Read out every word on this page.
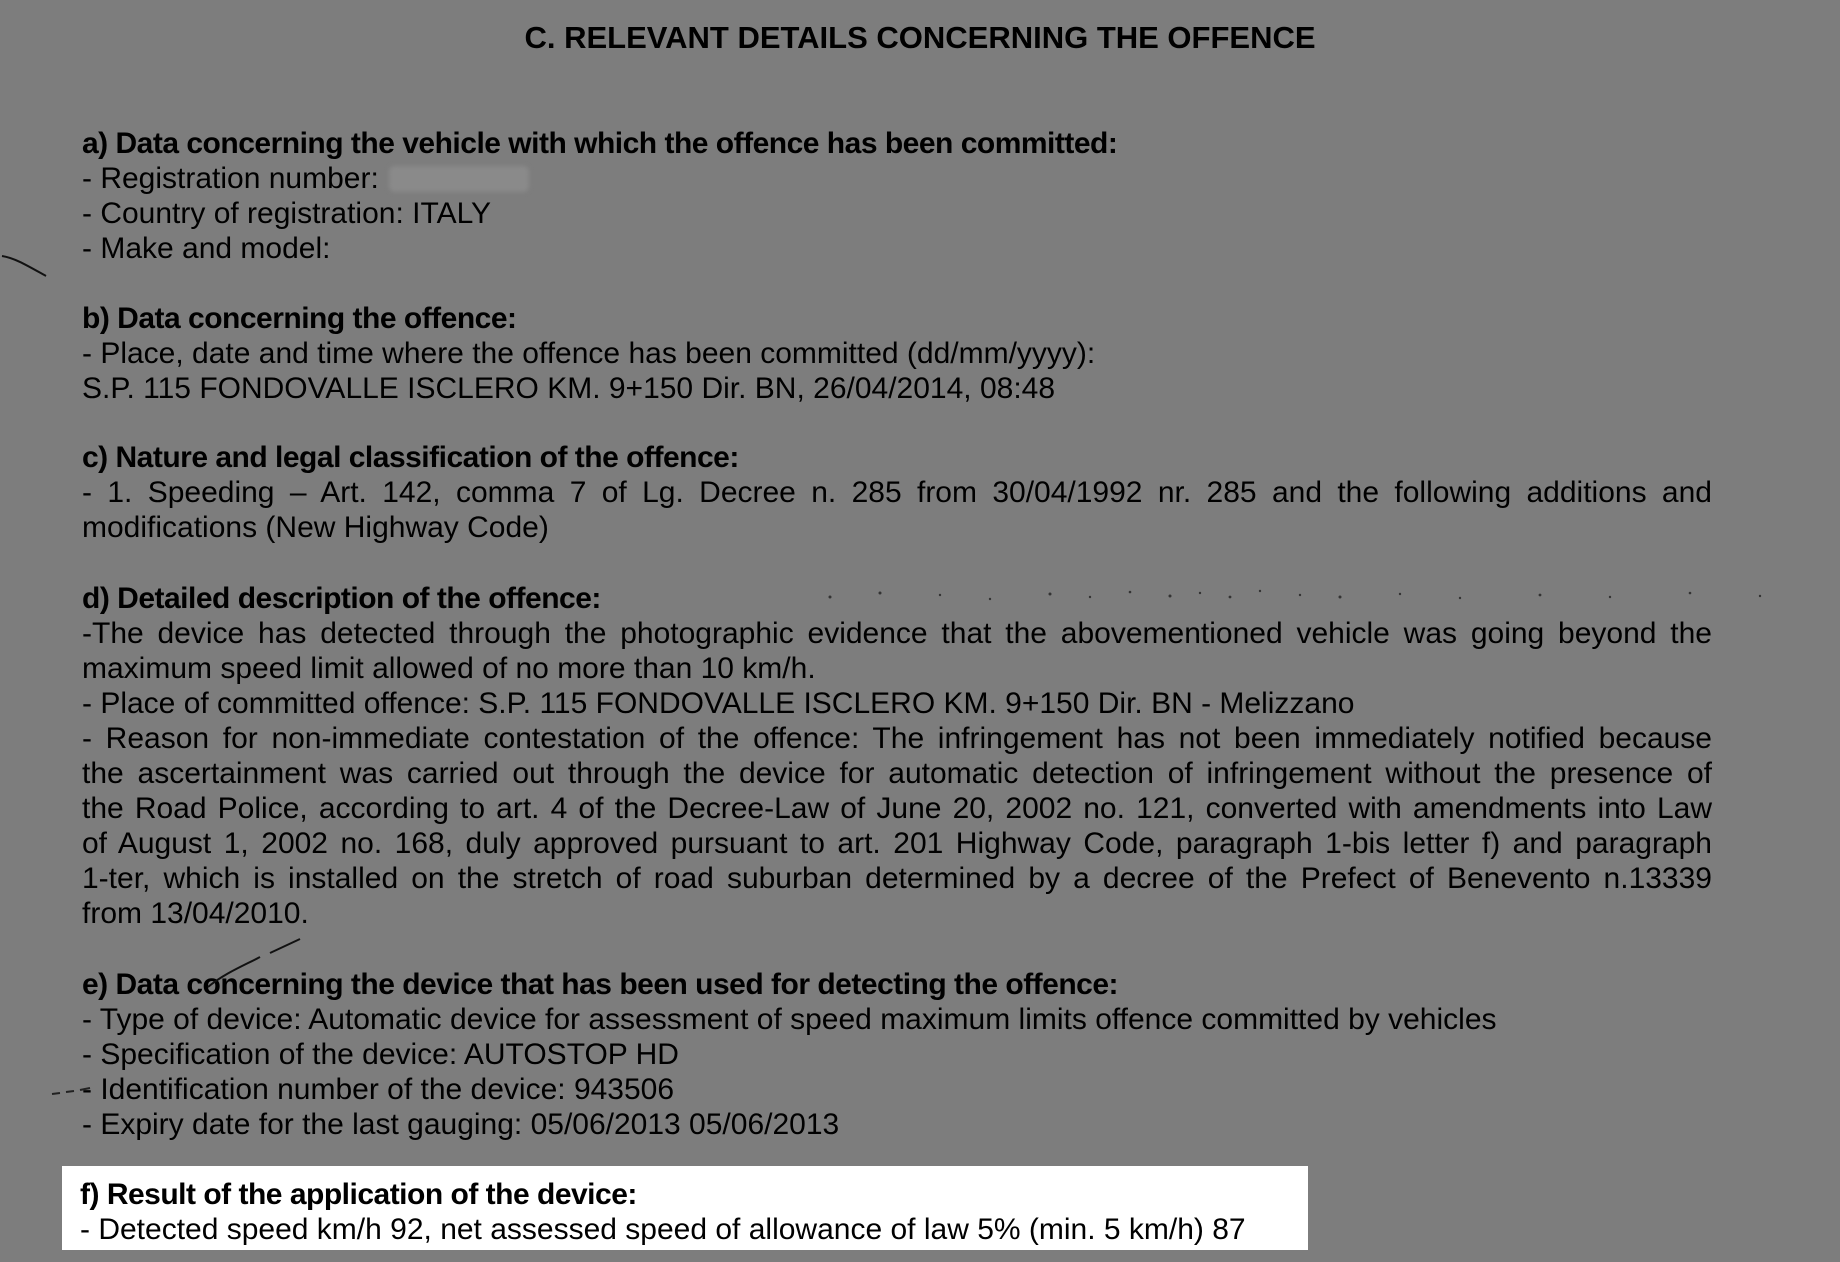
C. RELEVANT DETAILS CONCERNING THE OFFENCE
a) Data concerning the vehicle with which the offence has been committed:
- Registration number:
- Country of registration: ITALY
- Make and model:
b) Data concerning the offence:
- Place, date and time where the offence has been committed (dd/mm/yyyy):
S.P. 115 FONDOVALLE ISCLERO KM. 9+150 Dir. BN, 26/04/2014, 08:48
c) Nature and legal classification of the offence:
- 1. Speeding – Art. 142, comma 7 of Lg. Decree n. 285 from 30/04/1992 nr. 285 and the following additions and
modifications (New Highway Code)
d) Detailed description of the offence:
-The device has detected through the photographic evidence that the abovementioned vehicle was going beyond the
maximum speed limit allowed of no more than 10 km/h.
- Place of committed offence: S.P. 115 FONDOVALLE ISCLERO KM. 9+150 Dir. BN - Melizzano
- Reason for non-immediate contestation of the offence: The infringement has not been immediately notified because
the ascertainment was carried out through the device for automatic detection of infringement without the presence of
the Road Police, according to art. 4 of the Decree-Law of June 20, 2002 no. 121, converted with amendments into Law
of August 1, 2002 no. 168, duly approved pursuant to art. 201 Highway Code, paragraph 1-bis letter f) and paragraph
1-ter, which is installed on the stretch of road suburban determined by a decree of the Prefect of Benevento n.13339
from 13/04/2010.
e) Data concerning the device that has been used for detecting the offence:
- Type of device: Automatic device for assessment of speed maximum limits offence committed by vehicles
- Specification of the device: AUTOSTOP HD
- Identification number of the device: 943506
- Expiry date for the last gauging: 05/06/2013 05/06/2013
f) Result of the application of the device:
- Detected speed km/h 92, net assessed speed of allowance of law 5% (min. 5 km/h) 87
